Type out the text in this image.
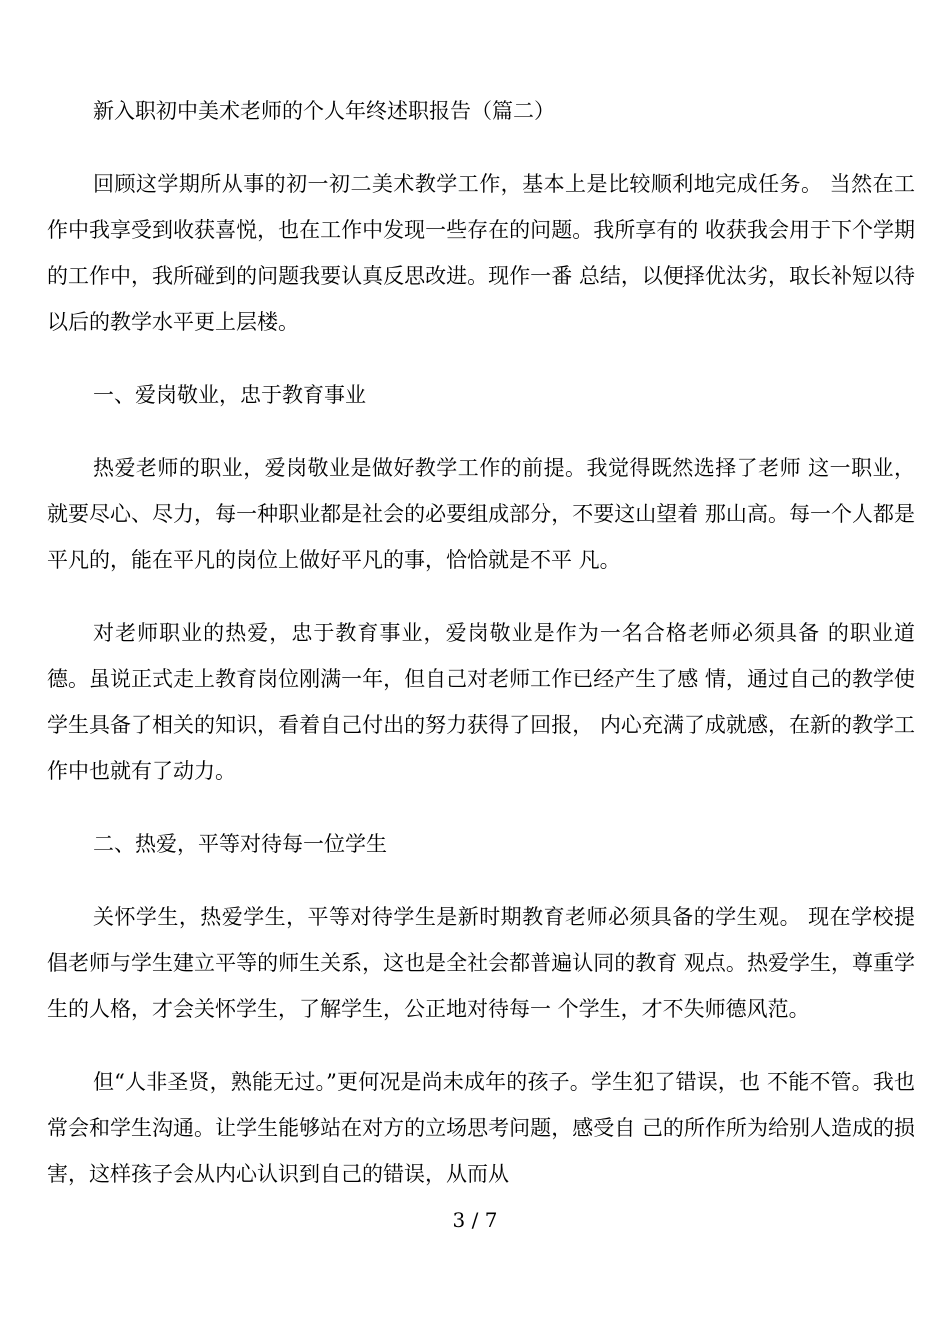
新入职初中美术老师的个人年终述职报告（篇二）

回顾这学期所从事的初一初二美术教学工作，基本上是比较顺利地完成任务。 当然在工作中我享受到收获喜悦，也在工作中发现一些存在的问题。我所享有的 收获我会用于下个学期的工作中，我所碰到的问题我要认真反思改进。现作一番 总结，以便择优汰劣，取长补短以待以后的教学水平更上层楼。

一、爱岗敬业，忠于教育事业

热爱老师的职业，爱岗敬业是做好教学工作的前提。我觉得既然选择了老师 这一职业，就要尽心、尽力，每一种职业都是社会的必要组成部分，不要这山望着 那山高。每一个人都是平凡的，能在平凡的岗位上做好平凡的事，恰恰就是不平 凡。

对老师职业的热爱，忠于教育事业，爱岗敬业是作为一名合格老师必须具备 的职业道德。虽说正式走上教育岗位刚满一年，但自己对老师工作已经产生了感 情，通过自己的教学使学生具备了相关的知识，看着自己付出的努力获得了回报， 内心充满了成就感，在新的教学工作中也就有了动力。

二、热爱，平等对待每一位学生

关怀学生，热爱学生，平等对待学生是新时期教育老师必须具备的学生观。 现在学校提倡老师与学生建立平等的师生关系，这也是全社会都普遍认同的教育 观点。热爱学生，尊重学生的人格，才会关怀学生，了解学生，公正地对待每一 个学生，才不失师德风范。

但“人非圣贤，熟能无过。”更何况是尚未成年的孩子。学生犯了错误，也 不能不管。我也常会和学生沟通。让学生能够站在对方的立场思考问题，感受自 己的所作所为给别人造成的损害，这样孩子会从内心认识到自己的错误，从而从

3 / 7
